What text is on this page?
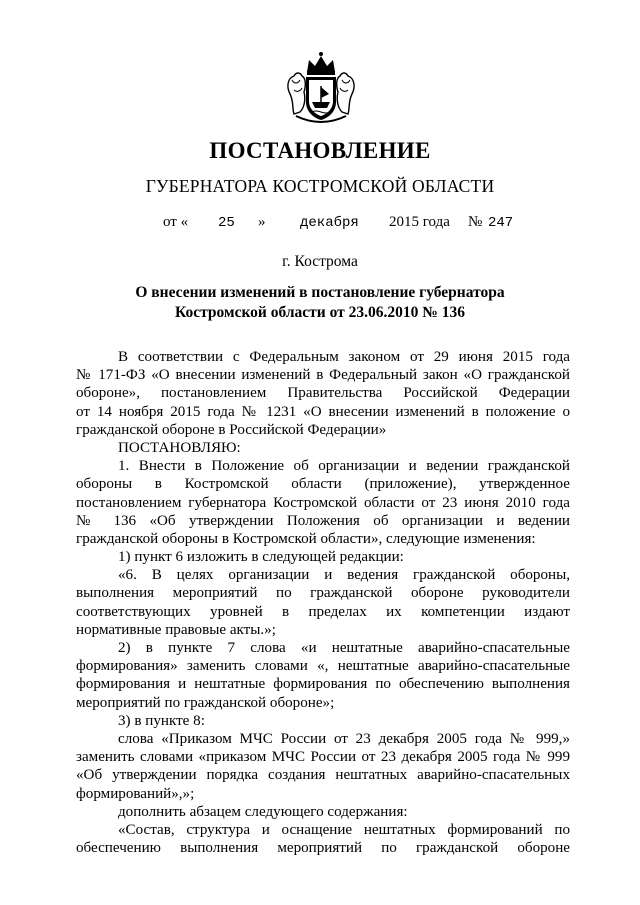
ПОСТАНОВЛЕНИЕ
ГУБЕРНАТОРА КОСТРОМСКОЙ ОБЛАСТИ
от « 25 » декабря 2015 года № 247
г. Кострома
О внесении изменений в постановление губернатора
Костромской области от 23.06.2010 № 136
В соответствии с Федеральным законом от 29 июня 2015 года
№ 171-ФЗ «О внесении изменений в Федеральный закон «О гражданской
обороне», постановлением Правительства Российской Федерации
от 14 ноября 2015 года № 1231 «О внесении изменений в положение о
гражданской обороне в Российской Федерации»
ПОСТАНОВЛЯЮ:
1. Внести в Положение об организации и ведении гражданской
обороны в Костромской области (приложение), утвержденное
постановлением губернатора Костромской области от 23 июня 2010 года
№ 136 «Об утверждении Положения об организации и ведении
гражданской обороны в Костромской области», следующие изменения:
1) пункт 6 изложить в следующей редакции:
«6. В целях организации и ведения гражданской обороны,
выполнения мероприятий по гражданской обороне руководители
соответствующих уровней в пределах их компетенции издают
нормативные правовые акты.»;
2) в пункте 7 слова «и нештатные аварийно-спасательные
формирования» заменить словами «, нештатные аварийно-спасательные
формирования и нештатные формирования по обеспечению выполнения
мероприятий по гражданской обороне»;
3) в пункте 8:
слова «Приказом МЧС России от 23 декабря 2005 года № 999,»
заменить словами «приказом МЧС России от 23 декабря 2005 года № 999
«Об утверждении порядка создания нештатных аварийно-спасательных
формирований»,»;
дополнить абзацем следующего содержания:
«Состав, структура и оснащение нештатных формирований по
обеспечению выполнения мероприятий по гражданской обороне
